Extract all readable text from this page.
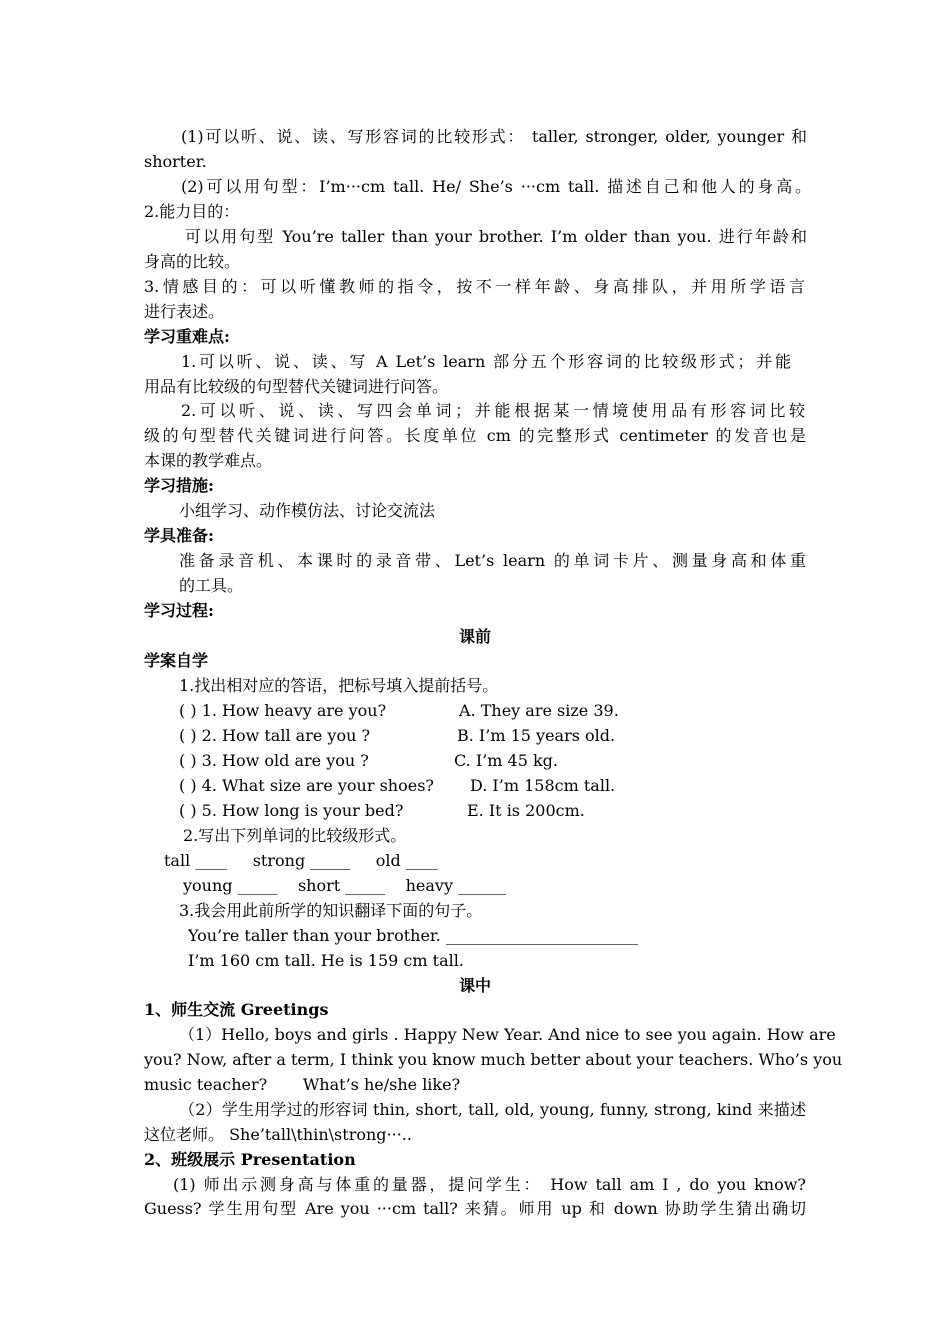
(1)可以听、说、读、写形容词的比较形式： taller, stronger, older, younger 和
shorter.
(2)可以用句型：I’m···cm tall. He/ She’s ···cm tall. 描述自己和他人的身高。
2.能力目的：
可以用句型 You’re taller than your brother. I’m older than you. 进行年龄和
身高的比较。
3.情感目的：可以听懂教师的指令，按不一样年龄、身高排队，并用所学语言
进行表述。
学习重难点:
1.可以听、说、读、写 A Let’s learn 部分五个形容词的比较级形式；并能
用品有比较级的句型替代关键词进行问答。
2.可以听、说、读、写四会单词；并能根据某一情境使用品有形容词比较
级的句型替代关键词进行问答。长度单位 cm 的完整形式 centimeter 的发音也是
本课的教学难点。
学习措施:
小组学习、动作模仿法、讨论交流法
学具准备:
准备录音机、本课时的录音带、Let’s learn 的单词卡片、测量身高和体重
的工具。
学习过程:
课前
学案自学
1.找出相对应的答语，把标号填入提前括号。
( ) 1. How heavy are you?	A. They are size 39.
( ) 2. How tall are you ?	B. I’m 15 years old.
( ) 3. How old are you ?	C. I’m 45 kg.
( ) 4. What size are your shoes? D. I’m 158cm tall.
( ) 5. How long is your bed?	E. It is 200cm.
2.写出下列单词的比较级形式。
tall ____     strong _____     old ____
young _____    short _____    heavy ______
3.我会用此前所学的知识翻译下面的句子。
You’re taller than your brother. ________________________
I’m 160 cm tall. He is 159 cm tall.
课中
1、师生交流 Greetings
（1）Hello, boys and girls . Happy New Year. And nice to see you again. How are
you? Now, after a term, I think you know much better about your teachers. Who’s you
music teacher?       What’s he/she like?
（2）学生用学过的形容词 thin, short, tall, old, young, funny, strong, kind 来描述
这位老师。 She’tall\thin\strong···..
2、班级展示 Presentation
(1) 师出示测身高与体重的量器，提问学生： How tall am I , do you know?
Guess? 学生用句型 Are you ···cm tall? 来猜。师用 up 和 down 协助学生猜出确切
